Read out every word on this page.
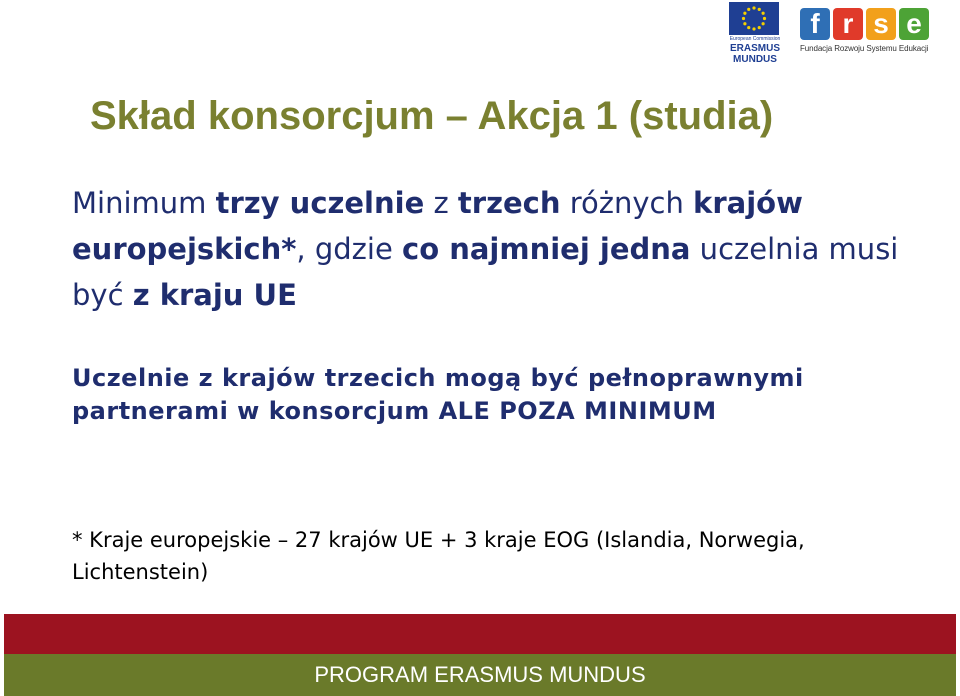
European Commission
ERASMUS
MUNDUS
f r s e
Fundacja Rozwoju Systemu Edukacji
Skład konsorcjum – Akcja 1 (studia)
Minimum trzy uczelnie z trzech różnych krajów europejskich*, gdzie co najmniej jedna uczelnia musi być z kraju UE
Uczelnie z krajów trzecich mogą być pełnoprawnymi partnerami w konsorcjum ALE POZA MINIMUM
* Kraje europejskie – 27 krajów UE + 3 kraje EOG (Islandia, Norwegia, Lichtenstein)
PROGRAM ERASMUS MUNDUS
